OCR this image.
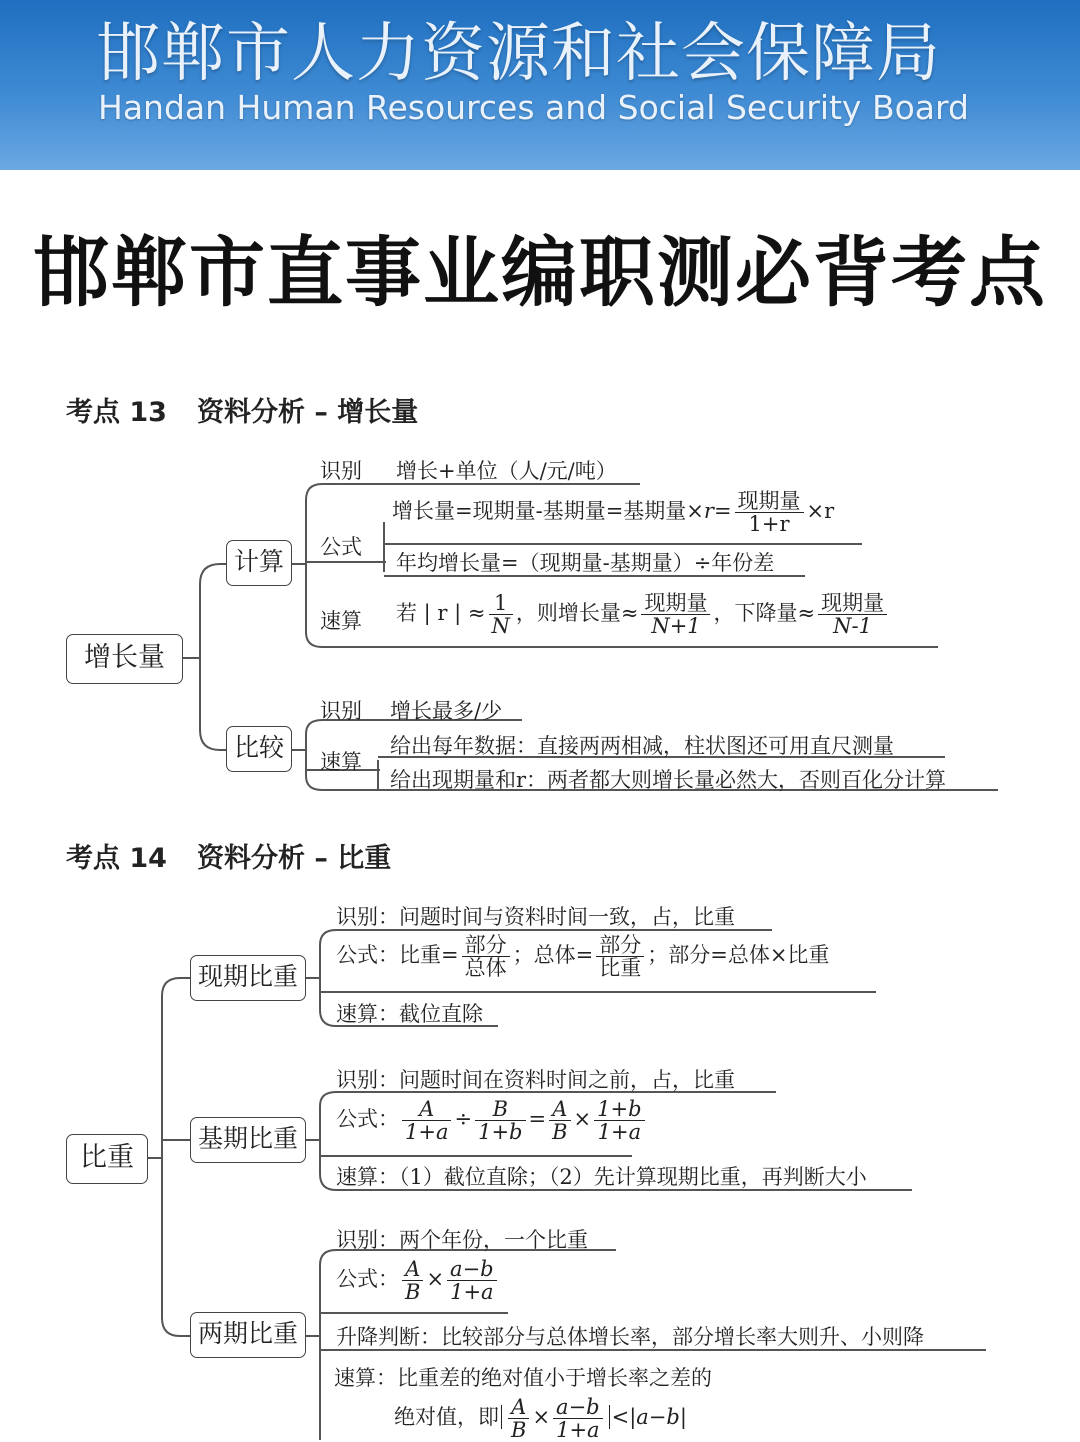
邯郸市人力资源和社会保障局
Handan Human Resources and Social Security Board
邯郸市直事业编职测必背考点
考点 13 资料分析 – 增长量
增长量
计算
比较
识别 增长+单位（人/元/吨）
公式
增长量=现期量-基期量=基期量$\times r= \frac{\text{现期量}}{1+r} \times r$
年均增长量=（现期量-基期量）÷年份差
速算 若 | r | ≈ $\frac{1}{N}$ ，则增长量≈ $\frac{\text{现期量}}{N+1}$ ，下降量≈ $\frac{\text{现期量}}{N-1}$
识别 增长最多/少
速算
给出每年数据：直接两两相减，柱状图还可用直尺测量
给出现期量和r：两者都大则增长量必然大，否则百化分计算
考点 14 资料分析 – 比重
比重
现期比重
基期比重
两期比重
识别：问题时间与资料时间一致，占，比重
公式：比重= $\frac{\text{部分}}{\text{总体}}$ ；总体= $\frac{\text{部分}}{\text{比重}}$ ；部分=总体×比重
速算：截位直除
识别：问题时间在资料时间之前，占，比重
公式： $\frac{A}{1+a} \div \frac{B}{1+b} = \frac{A}{B} \times \frac{1+b}{1+a}$
速算：（1）截位直除；（2）先计算现期比重，再判断大小
识别：两个年份，一个比重
公式： $\frac{A}{B} \times \frac{a-b}{1+a}$
升降判断：比较部分与总体增长率，部分增长率大则升、小则降
速算：比重差的绝对值小于增长率之差的
绝对值，即 $\frac{A}{B} \times \frac{a-b}{1+a} <|a-b|$
